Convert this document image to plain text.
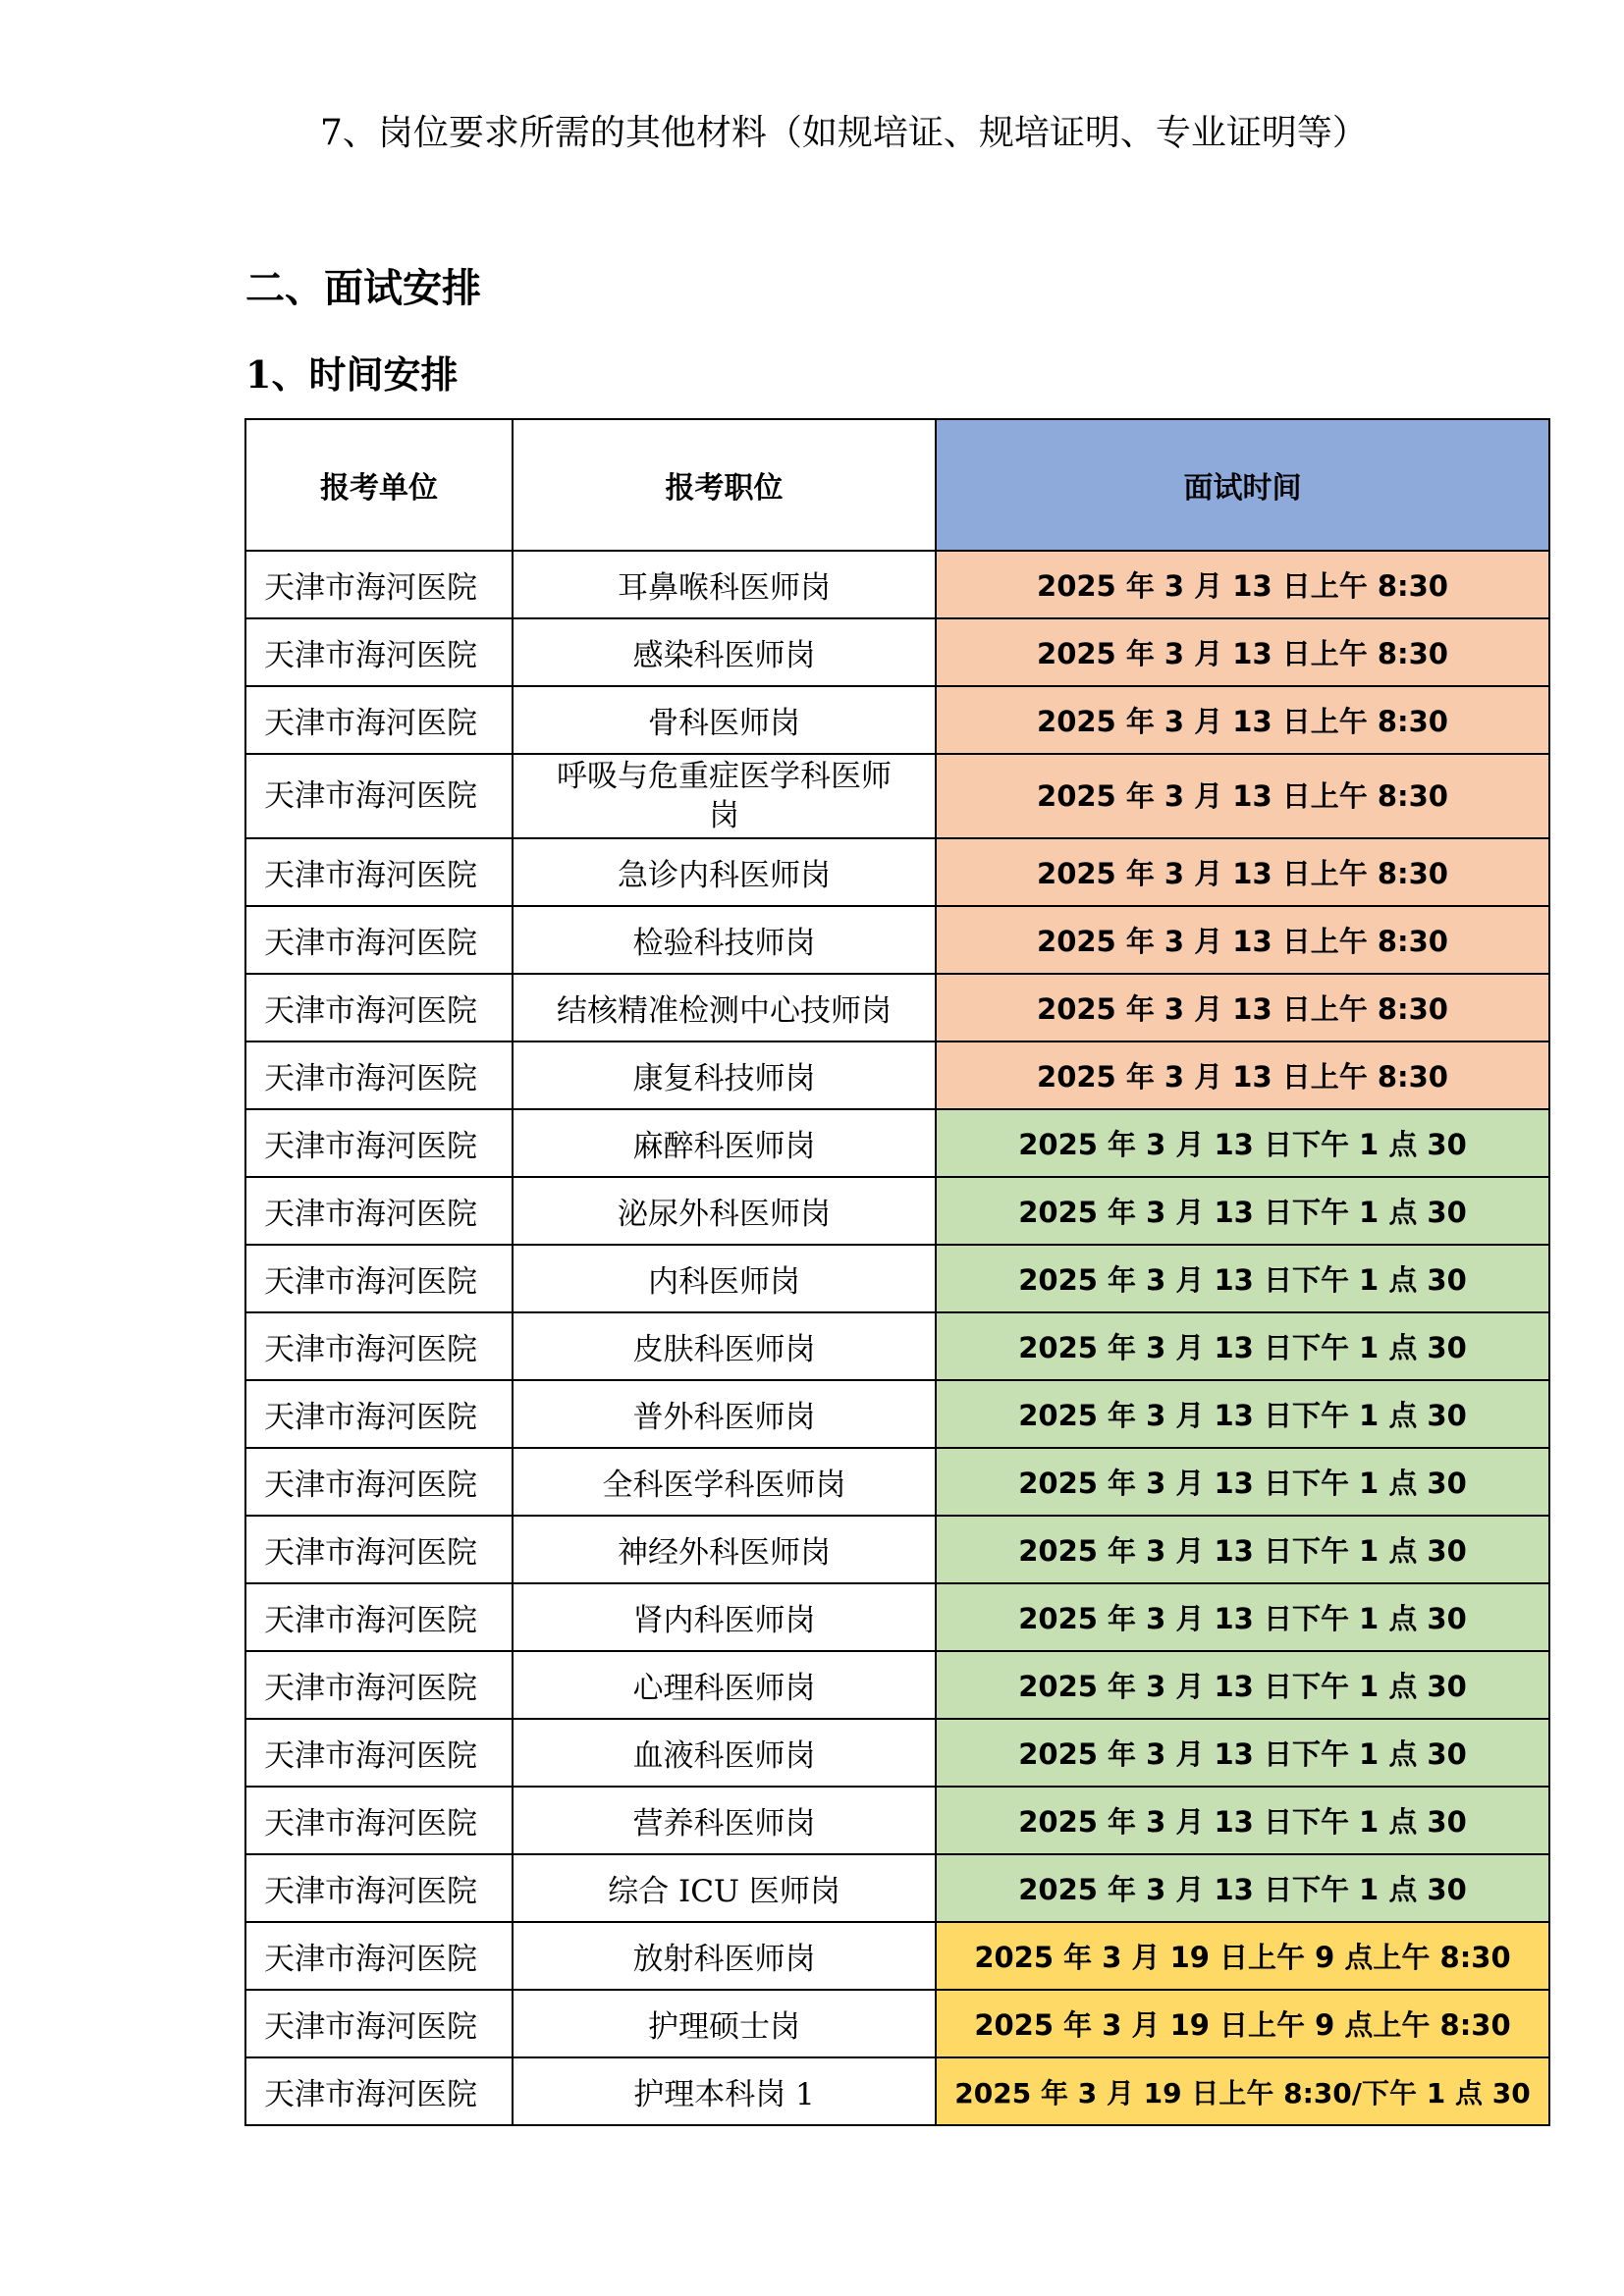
7、岗位要求所需的其他材料（如规培证、规培证明、专业证明等）
二、面试安排
1、时间安排
报考单位	报考职位	面试时间
天津市海河医院	耳鼻喉科医师岗	2025 年 3 月 13 日上午 8:30
天津市海河医院	感染科医师岗	2025 年 3 月 13 日上午 8:30
天津市海河医院	骨科医师岗	2025 年 3 月 13 日上午 8:30
天津市海河医院	呼吸与危重症医学科医师岗	2025 年 3 月 13 日上午 8:30
天津市海河医院	急诊内科医师岗	2025 年 3 月 13 日上午 8:30
天津市海河医院	检验科技师岗	2025 年 3 月 13 日上午 8:30
天津市海河医院	结核精准检测中心技师岗	2025 年 3 月 13 日上午 8:30
天津市海河医院	康复科技师岗	2025 年 3 月 13 日上午 8:30
天津市海河医院	麻醉科医师岗	2025 年 3 月 13 日下午 1 点 30
天津市海河医院	泌尿外科医师岗	2025 年 3 月 13 日下午 1 点 30
天津市海河医院	内科医师岗	2025 年 3 月 13 日下午 1 点 30
天津市海河医院	皮肤科医师岗	2025 年 3 月 13 日下午 1 点 30
天津市海河医院	普外科医师岗	2025 年 3 月 13 日下午 1 点 30
天津市海河医院	全科医学科医师岗	2025 年 3 月 13 日下午 1 点 30
天津市海河医院	神经外科医师岗	2025 年 3 月 13 日下午 1 点 30
天津市海河医院	肾内科医师岗	2025 年 3 月 13 日下午 1 点 30
天津市海河医院	心理科医师岗	2025 年 3 月 13 日下午 1 点 30
天津市海河医院	血液科医师岗	2025 年 3 月 13 日下午 1 点 30
天津市海河医院	营养科医师岗	2025 年 3 月 13 日下午 1 点 30
天津市海河医院	综合 ICU 医师岗	2025 年 3 月 13 日下午 1 点 30
天津市海河医院	放射科医师岗	2025 年 3 月 19 日上午 9 点上午 8:30
天津市海河医院	护理硕士岗	2025 年 3 月 19 日上午 9 点上午 8:30
天津市海河医院	护理本科岗 1	2025 年 3 月 19 日上午 8:30/下午 1 点 30
